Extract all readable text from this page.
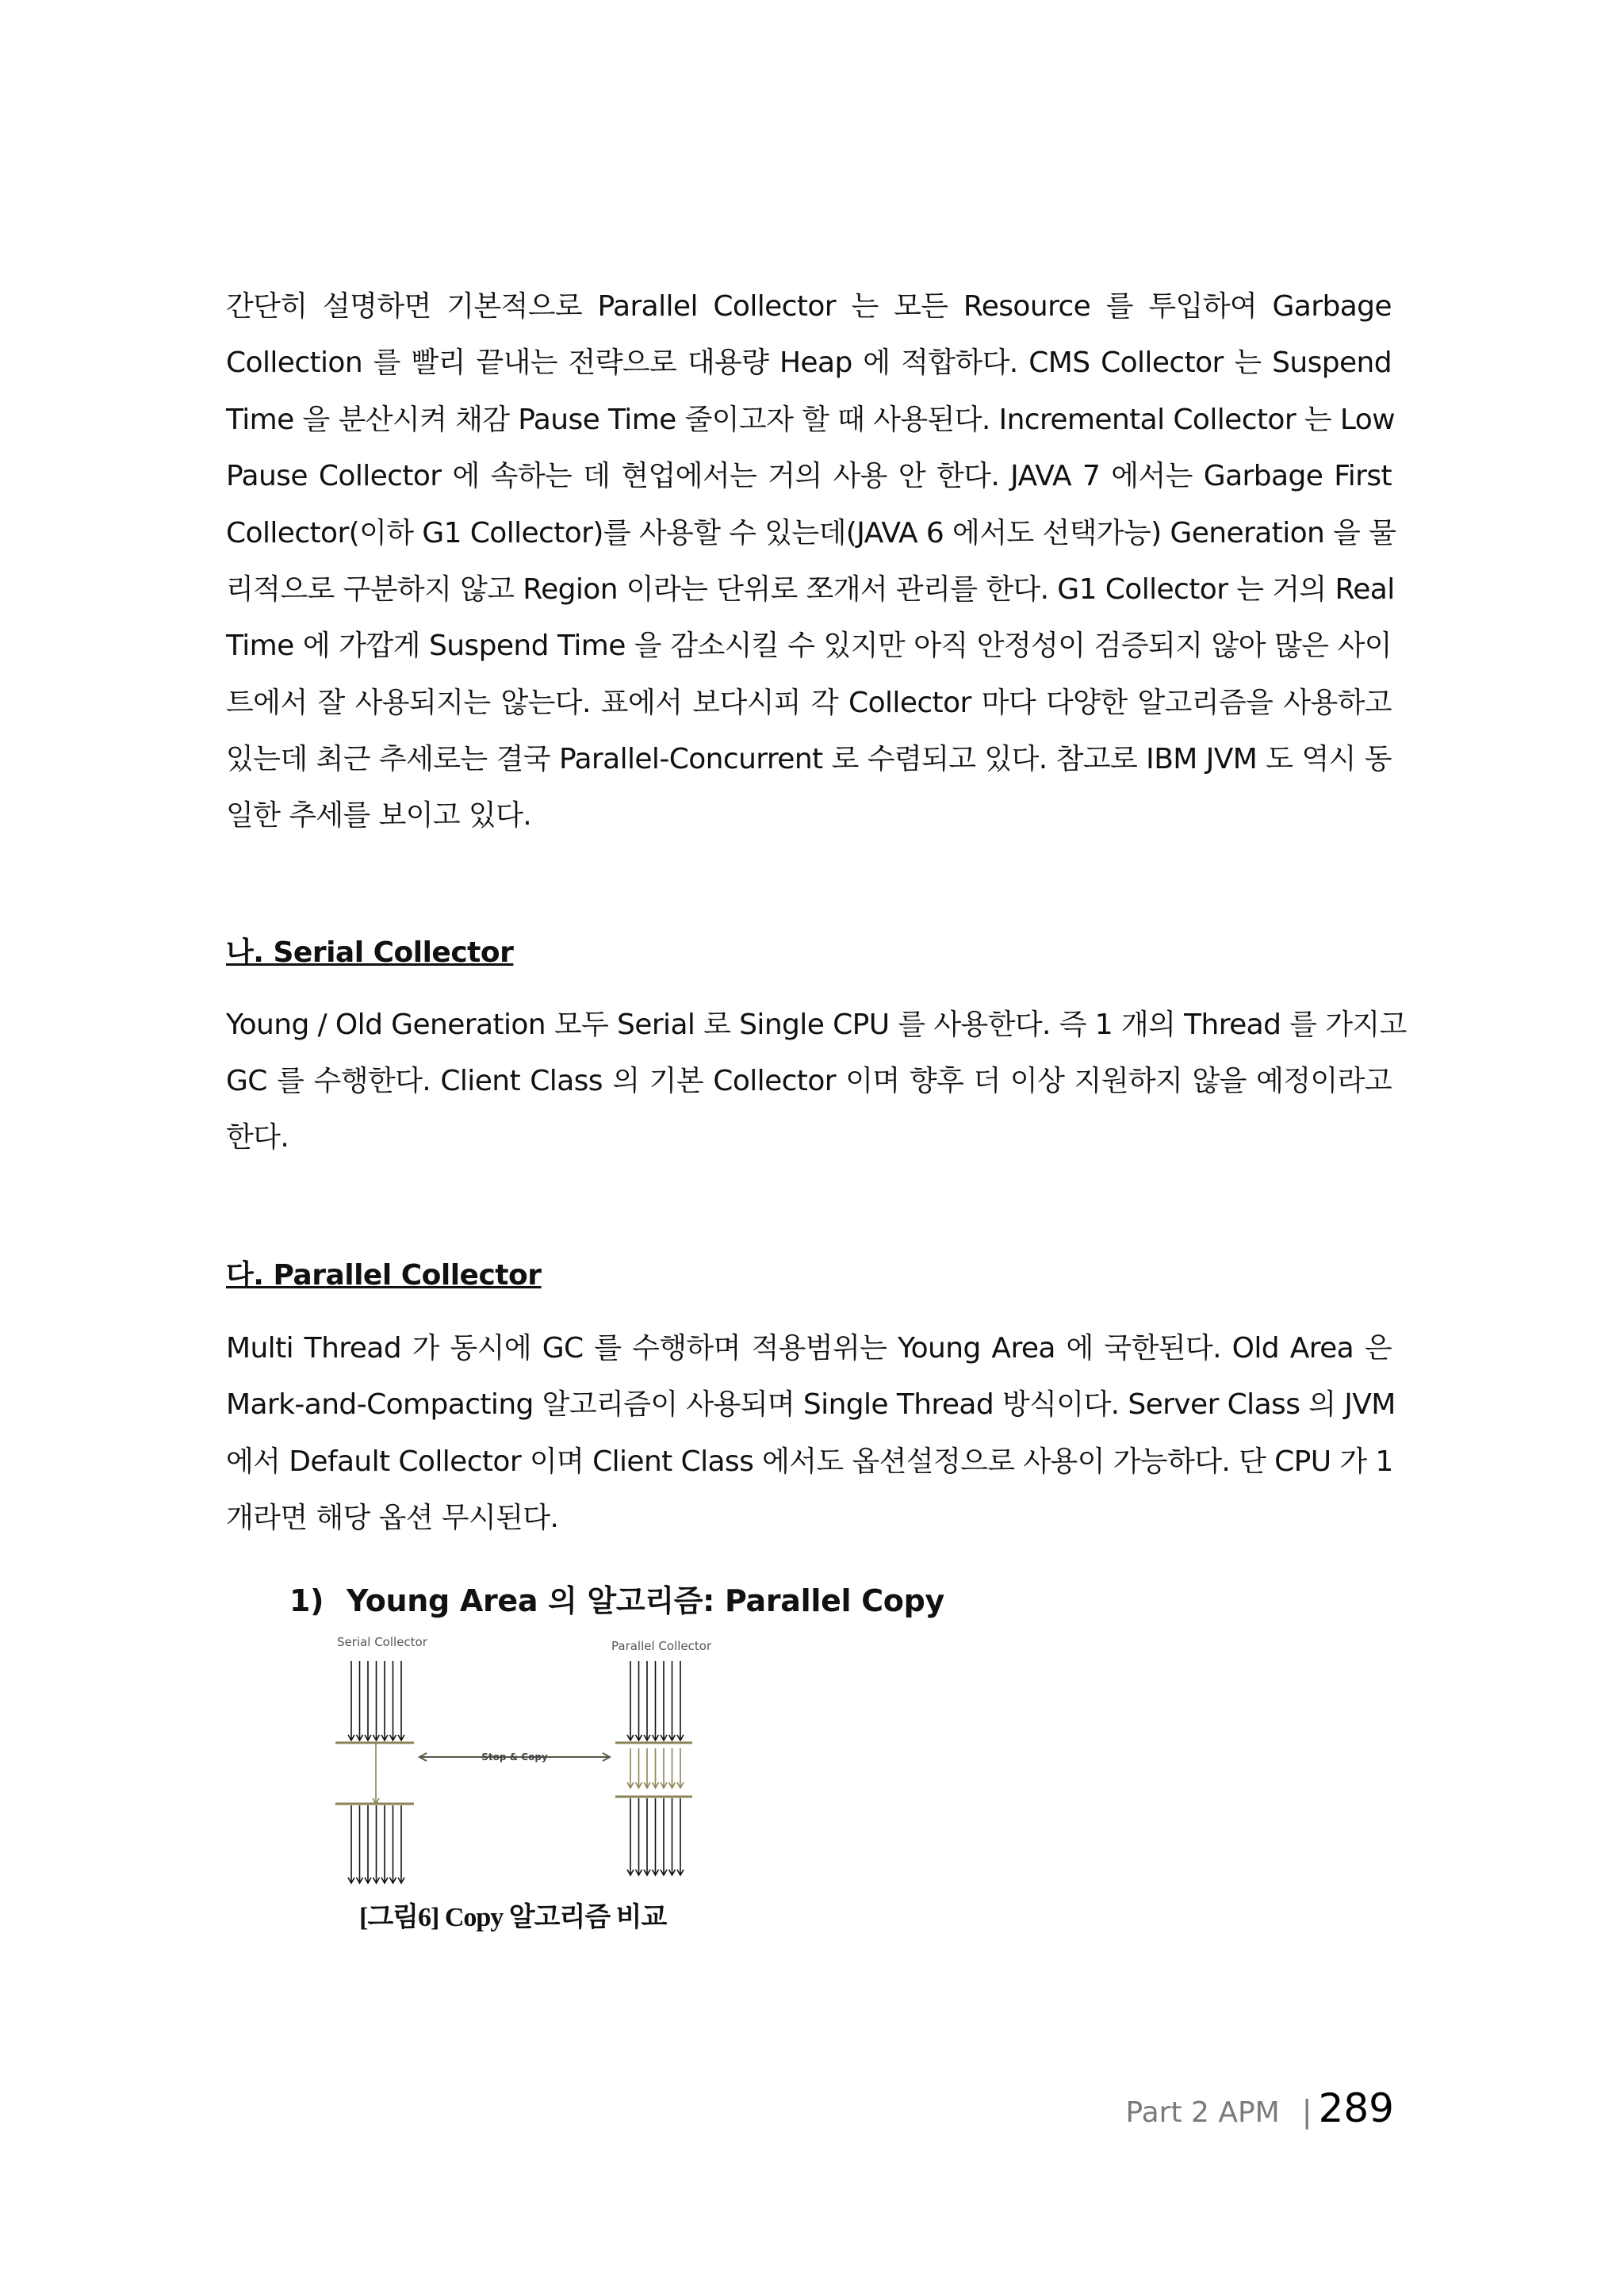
간단히 설명하면 기본적으로 Parallel Collector 는 모든 Resource 를 투입하여 Garbage
Collection 를 빨리 끝내는 전략으로 대용량 Heap 에 적합하다. CMS Collector 는 Suspend
Time 을 분산시켜 채감 Pause Time 줄이고자 할 때 사용된다. Incremental Collector 는 Low
Pause Collector 에 속하는 데 현업에서는 거의 사용 안 한다. JAVA 7 에서는 Garbage First
Collector(이하 G1 Collector)를 사용할 수 있는데(JAVA 6 에서도 선택가능) Generation 을 물
리적으로 구분하지 않고 Region 이라는 단위로 쪼개서 관리를 한다. G1 Collector 는 거의 Real
Time 에 가깝게 Suspend Time 을 감소시킬 수 있지만 아직 안정성이 검증되지 않아 많은 사이
트에서 잘 사용되지는 않는다. 표에서 보다시피 각 Collector 마다 다양한 알고리즘을 사용하고
있는데 최근 추세로는 결국 Parallel-Concurrent 로 수렴되고 있다. 참고로 IBM JVM 도 역시 동
일한 추세를 보이고 있다.
나. Serial Collector
Young / Old Generation 모두 Serial 로 Single CPU 를 사용한다. 즉 1 개의 Thread 를 가지고
GC 를 수행한다. Client Class 의 기본 Collector 이며 향후 더 이상 지원하지 않을 예정이라고
한다.
다. Parallel Collector
Multi Thread 가 동시에 GC 를 수행하며 적용범위는 Young Area 에 국한된다. Old Area 은
Mark-and-Compacting 알고리즘이 사용되며 Single Thread 방식이다. Server Class 의 JVM
에서 Default Collector 이며 Client Class 에서도 옵션설정으로 사용이 가능하다. 단 CPU 가 1
개라면 해당 옵션 무시된다.
1) Young Area 의 알고리즘: Parallel Copy
Serial Collector	Parallel Collector
Stop & Copy
[그림6] Copy 알고리즘 비교
Part 2 APM | 289
